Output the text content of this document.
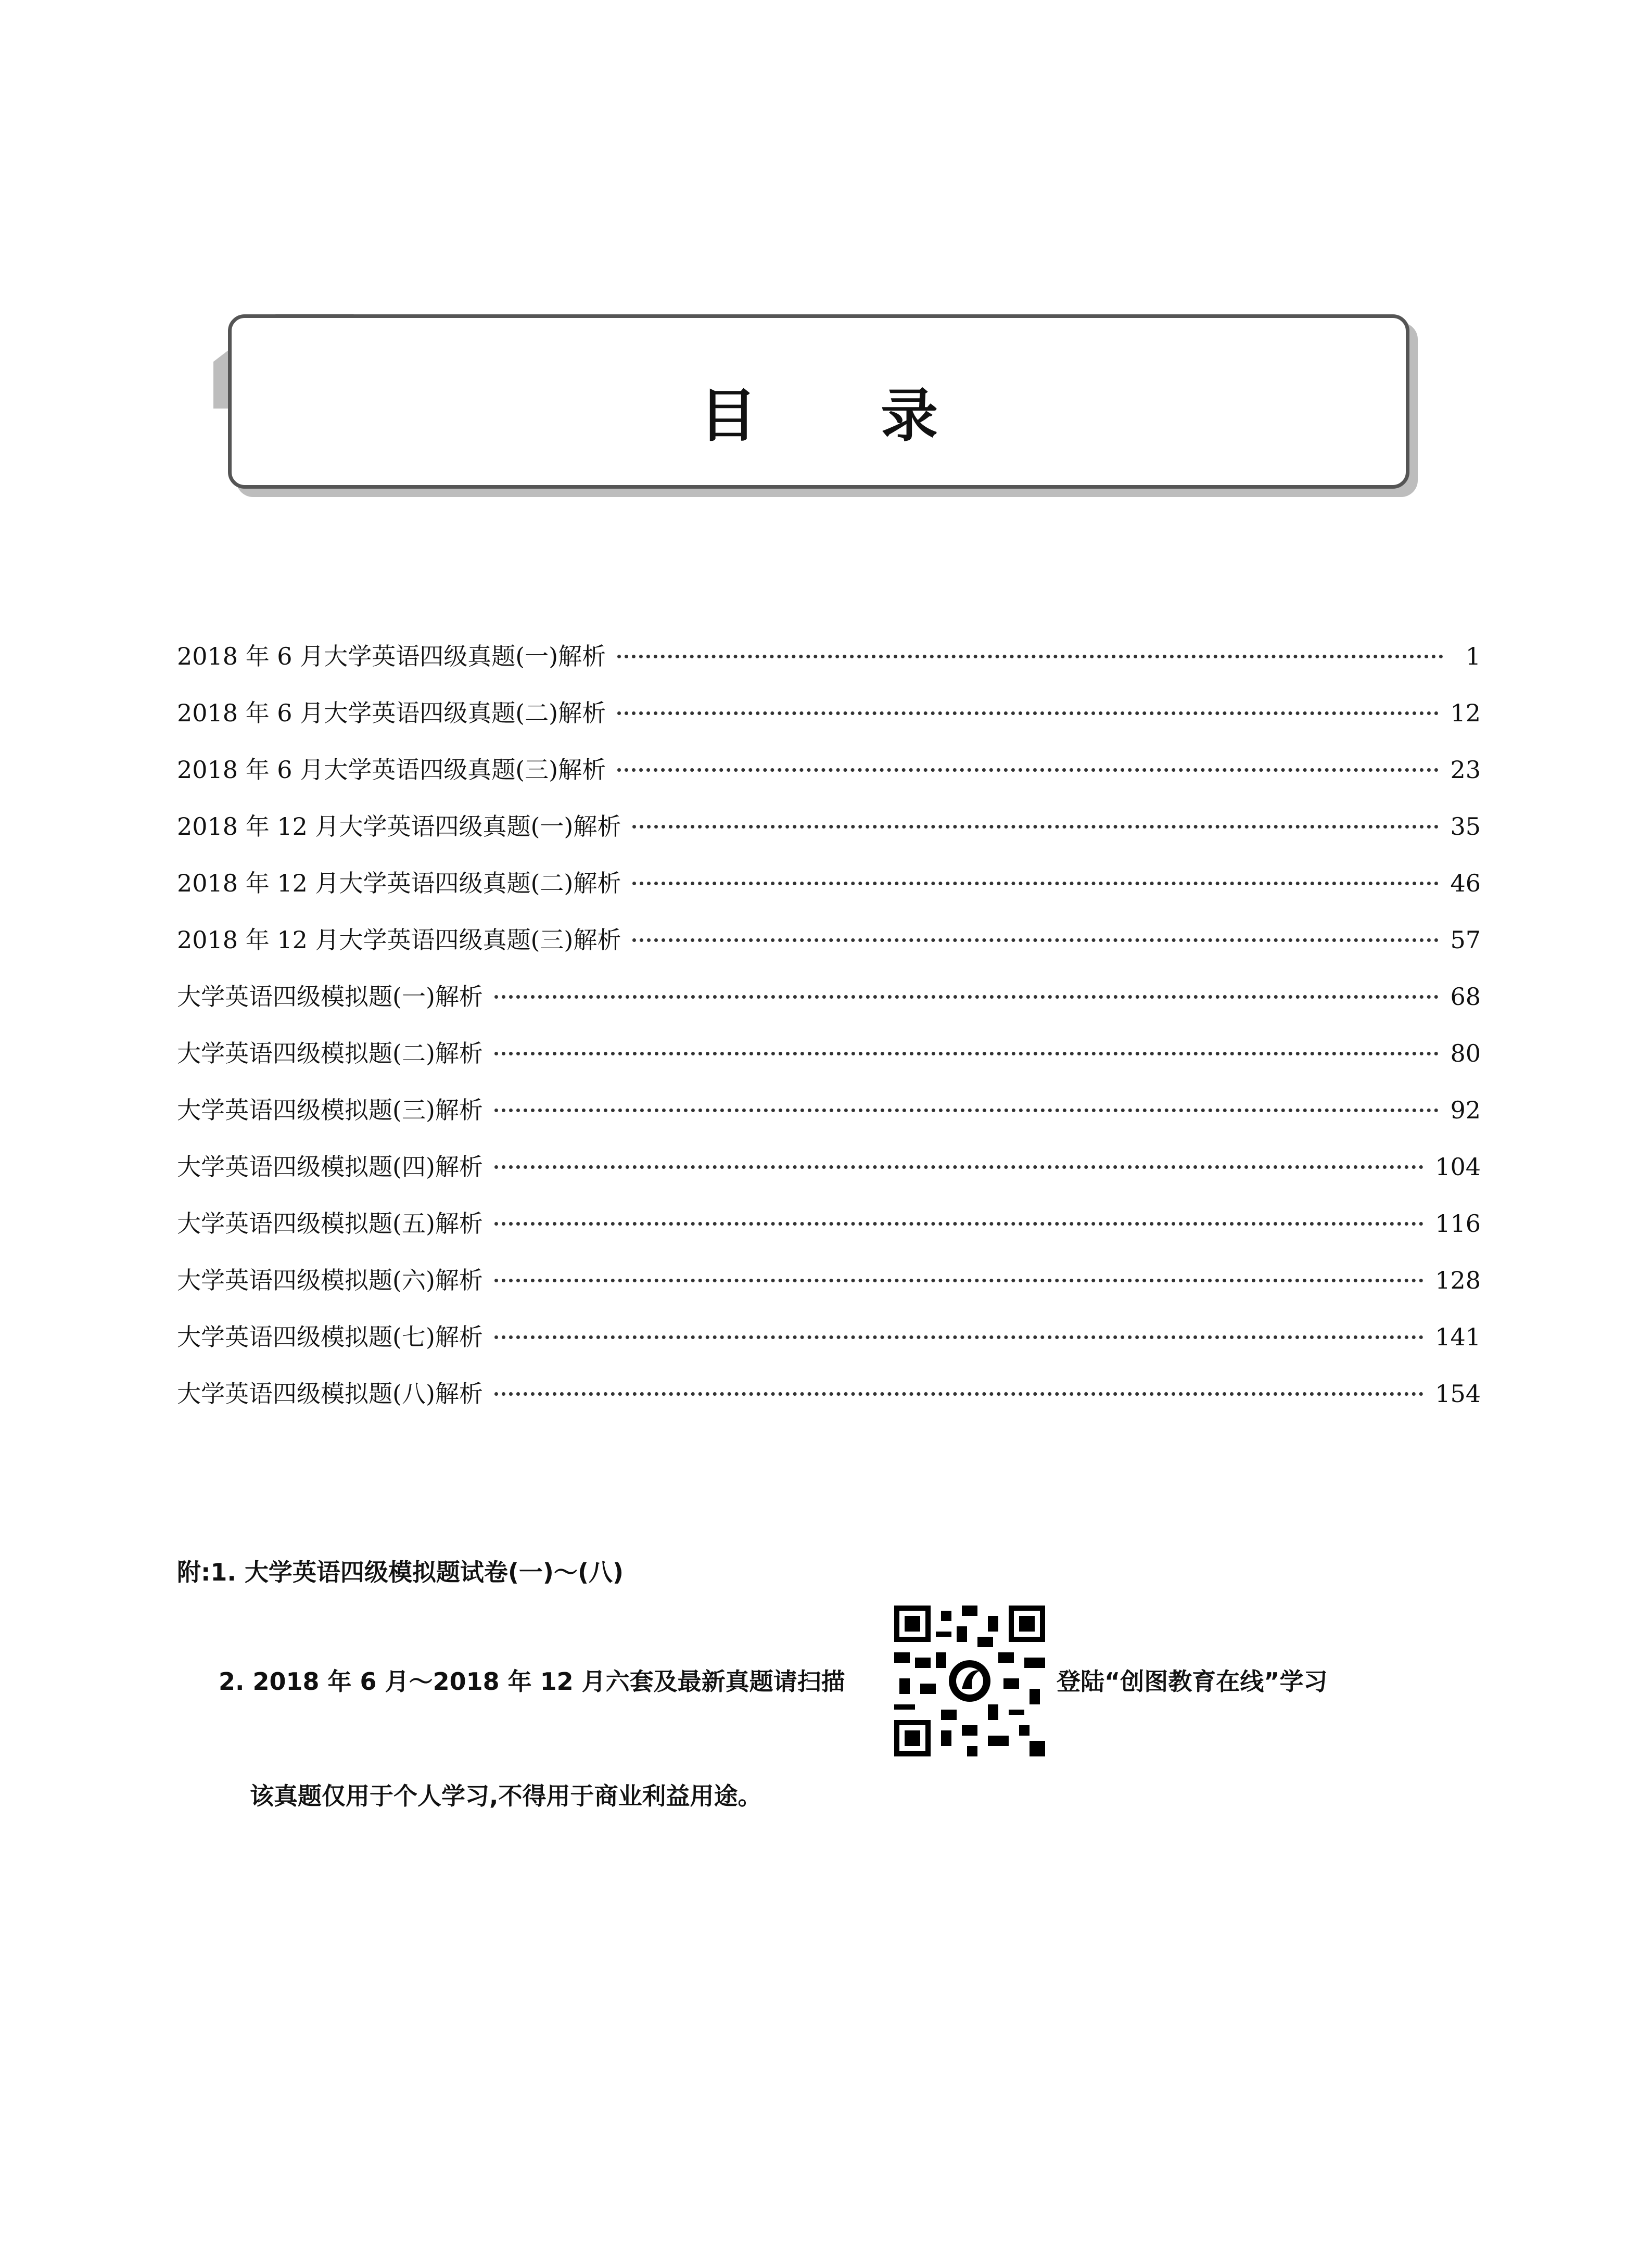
目 录
2018 年 6 月大学英语四级真题(一)解析	1
2018 年 6 月大学英语四级真题(二)解析	12
2018 年 6 月大学英语四级真题(三)解析	23
2018 年 12 月大学英语四级真题(一)解析	35
2018 年 12 月大学英语四级真题(二)解析	46
2018 年 12 月大学英语四级真题(三)解析	57
大学英语四级模拟题(一)解析	68
大学英语四级模拟题(二)解析	80
大学英语四级模拟题(三)解析	92
大学英语四级模拟题(四)解析	104
大学英语四级模拟题(五)解析	116
大学英语四级模拟题(六)解析	128
大学英语四级模拟题(七)解析	141
大学英语四级模拟题(八)解析	154
附:1. 大学英语四级模拟题试卷(一)～(八)
2. 2018 年 6 月～2018 年 12 月六套及最新真题请扫描	登陆“创图教育在线”学习
该真题仅用于个人学习,不得用于商业利益用途。
